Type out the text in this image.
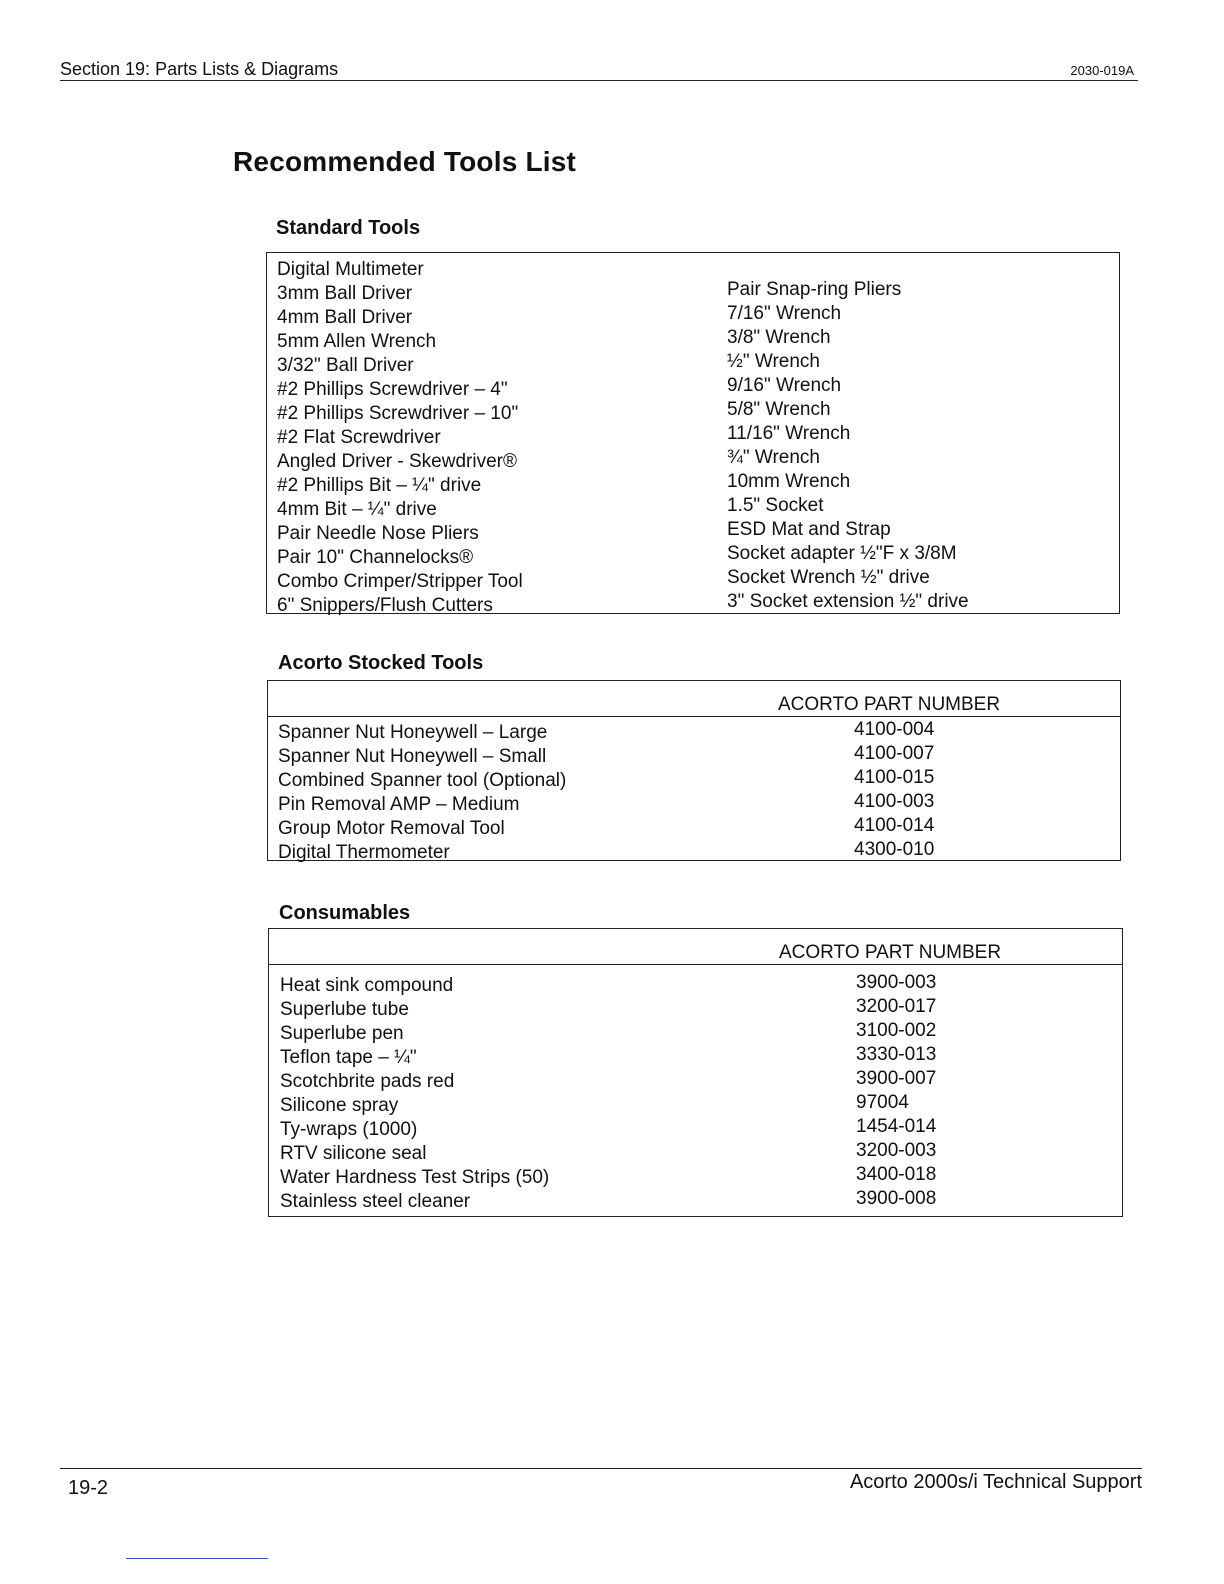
Section 19: Parts Lists & Diagrams	2030-019A
Recommended Tools List
Standard Tools
Digital Multimeter
3mm Ball Driver
4mm Ball Driver
5mm Allen Wrench
3/32" Ball Driver
#2 Phillips Screwdriver – 4"
#2 Phillips Screwdriver – 10"
#2 Flat Screwdriver
Angled Driver - Skewdriver®
#2 Phillips Bit – ¼" drive
4mm Bit – ¼" drive
Pair Needle Nose Pliers
Pair 10" Channelocks®
Combo Crimper/Stripper Tool
6" Snippers/Flush Cutters
Pair Snap-ring Pliers
7/16" Wrench
3/8" Wrench
½" Wrench
9/16" Wrench
5/8" Wrench
11/16" Wrench
¾" Wrench
10mm Wrench
1.5" Socket
ESD Mat and Strap
Socket adapter ½"F x 3/8M
Socket Wrench ½" drive
3" Socket extension ½" drive
Acorto Stocked Tools
ACORTO PART NUMBER
Spanner Nut Honeywell – Large
Spanner Nut Honeywell – Small
Combined Spanner tool (Optional)
Pin Removal AMP – Medium
Group Motor Removal Tool
Digital Thermometer
4100-004
4100-007
4100-015
4100-003
4100-014
4300-010
Consumables
ACORTO PART NUMBER
Heat sink compound
Superlube tube
Superlube pen
Teflon tape – ¼"
Scotchbrite pads red
Silicone spray
Ty-wraps (1000)
RTV silicone seal
Water Hardness Test Strips (50)
Stainless steel cleaner
3900-003
3200-017
3100-002
3330-013
3900-007
97004
1454-014
3200-003
3400-018
3900-008
19-2	Acorto 2000s/i Technical Support
